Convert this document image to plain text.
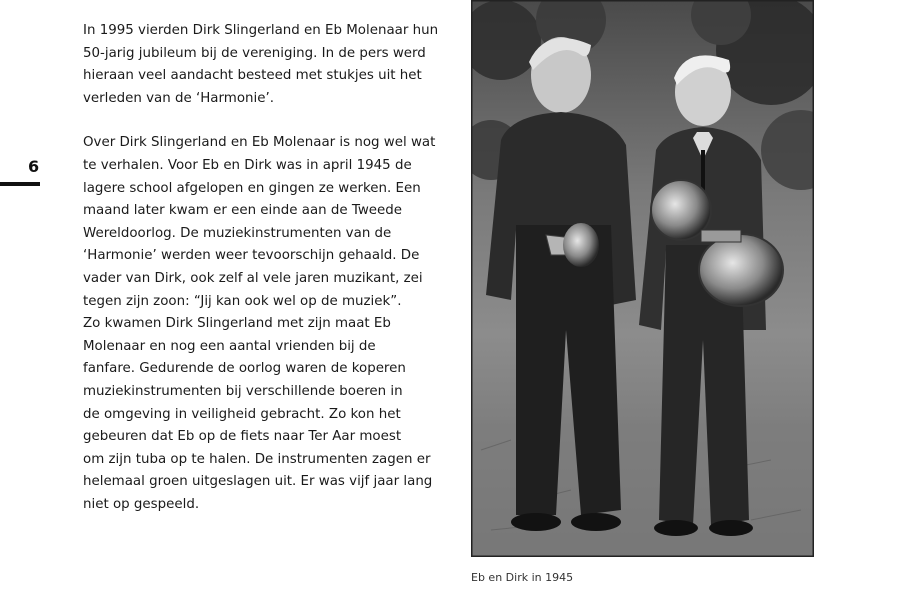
6

In 1995 vierden Dirk Slingerland en Eb Molenaar hun
50-jarig jubileum bij de vereniging. In de pers werd
hieraan veel aandacht besteed met stukjes uit het
verleden van de ‘Harmonie’.

Over Dirk Slingerland en Eb Molenaar is nog wel wat
te verhalen. Voor Eb en Dirk was in april 1945 de
lagere school afgelopen en gingen ze werken. Een
maand later kwam er een einde aan de Tweede
Wereldoorlog. De muziekinstrumenten van de
‘Harmonie’ werden weer tevoorschijn gehaald. De
vader van Dirk, ook zelf al vele jaren muzikant, zei
tegen zijn zoon: “Jij kan ook wel op de muziek”.
Zo kwamen Dirk Slingerland met zijn maat Eb
Molenaar en nog een aantal vrienden bij de
fanfare. Gedurende de oorlog waren de koperen
muziekinstrumenten bij verschillende boeren in
de omgeving in veiligheid gebracht. Zo kon het
gebeuren dat Eb op de fiets naar Ter Aar moest
om zijn tuba op te halen. De instrumenten zagen er
helemaal groen uitgeslagen uit. Er was vijf jaar lang
niet op gespeeld.

Eb en Dirk in 1945
